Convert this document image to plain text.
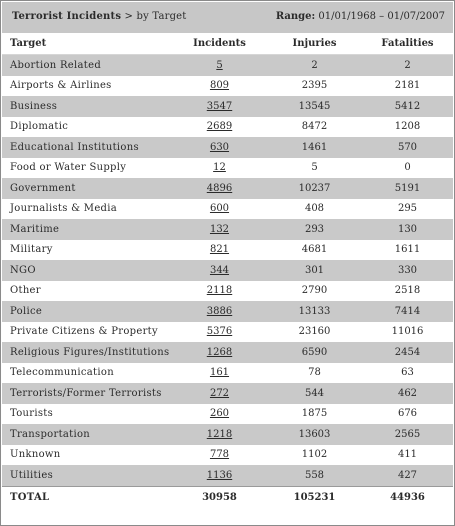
Terrorist Incidents > by Target	Range: 01/01/1968 – 01/07/2007
Target	Incidents	Injuries	Fatalities
Abortion Related	5	2	2
Airports & Airlines	809	2395	2181
Business	3547	13545	5412
Diplomatic	2689	8472	1208
Educational Institutions	630	1461	570
Food or Water Supply	12	5	0
Government	4896	10237	5191
Journalists & Media	600	408	295
Maritime	132	293	130
Military	821	4681	1611
NGO	344	301	330
Other	2118	2790	2518
Police	3886	13133	7414
Private Citizens & Property	5376	23160	11016
Religious Figures/Institutions	1268	6590	2454
Telecommunication	161	78	63
Terrorists/Former Terrorists	272	544	462
Tourists	260	1875	676
Transportation	1218	13603	2565
Unknown	778	1102	411
Utilities	1136	558	427
TOTAL	30958	105231	44936
